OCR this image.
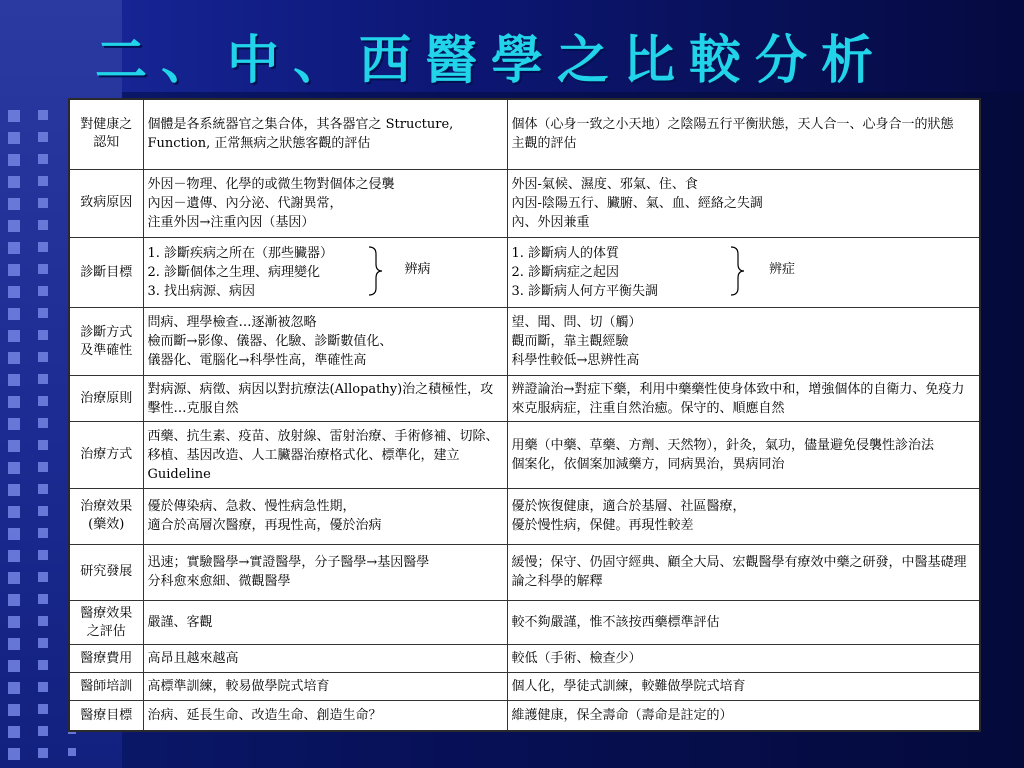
二、中、西醫學之比較分析
對健康之認知	個體是各系統器官之集合体，其各器官之 Structure, Function, 正常無病之狀態客觀的評估	個体（心身一致之小天地）之陰陽五行平衡狀態，天人合一、心身合一的狀態
主觀的評估

致病原因	外因－物理、化學的或微生物對個体之侵襲
內因－遺傳、內分泌、代謝異常，
注重外因→注重內因（基因）	外因-氣候、濕度、邪氣、住、食
內因-陰陽五行、臟腑、氣、血、經絡之失調
內、外因兼重

診斷目標	1. 診斷疾病之所在（那些臟器）
2. 診斷個体之生理、病理變化
3. 找出病源、病因
辨病	1. 診斷病人的体質
2. 診斷病症之起因
3. 診斷病人何方平衡失調
辨症

診斷方式及準確性	問病、理學檢查…逐漸被忽略
檢而斷→影像、儀器、化驗、診斷數值化、
儀器化、電腦化→科學性高，準確性高	望、聞、問、切（觸）
觀而斷，靠主觀經驗
科學性較低→思辨性高

治療原則	對病源、病徵、病因以對抗療法(Allopathy)治之積極性，攻擊性…克服自然	辨證論治→對症下藥，利用中藥藥性使身体致中和，增強個体的自衛力、免疫力來克服病症，注重自然治癒。保守的、順應自然

治療方式	西藥、抗生素、疫苗、放射線、雷射治療、手術修補、切除、移植、基因改造、人工臟器治療格式化、標準化，建立 Guideline	用藥（中藥、草藥、方劑、天然物），針灸，氣功，儘量避免侵襲性診治法
個案化，依個案加減藥方，同病異治，異病同治

治療效果(藥效)	優於傳染病、急救、慢性病急性期，
適合於高層次醫療，再現性高，優於治病	優於恢復健康，適合於基層、社區醫療，
優於慢性病，保健。再現性較差

研究發展	迅速；實驗醫學→實證醫學，分子醫學→基因醫學
分科愈來愈細、微觀醫學	緩慢；保守、仍固守經典、顧全大局、宏觀醫學有療效中藥之研發，中醫基礎理論之科學的解釋

醫療效果之評估	嚴謹、客觀	較不夠嚴謹，惟不該按西藥標準評估

醫療費用	高昂且越來越高	較低（手術、檢查少）

醫師培訓	高標準訓練，較易做學院式培育	個人化，學徒式訓練，較難做學院式培育

醫療目標	治病、延長生命、改造生命、創造生命？	維護健康，保全壽命（壽命是註定的）
